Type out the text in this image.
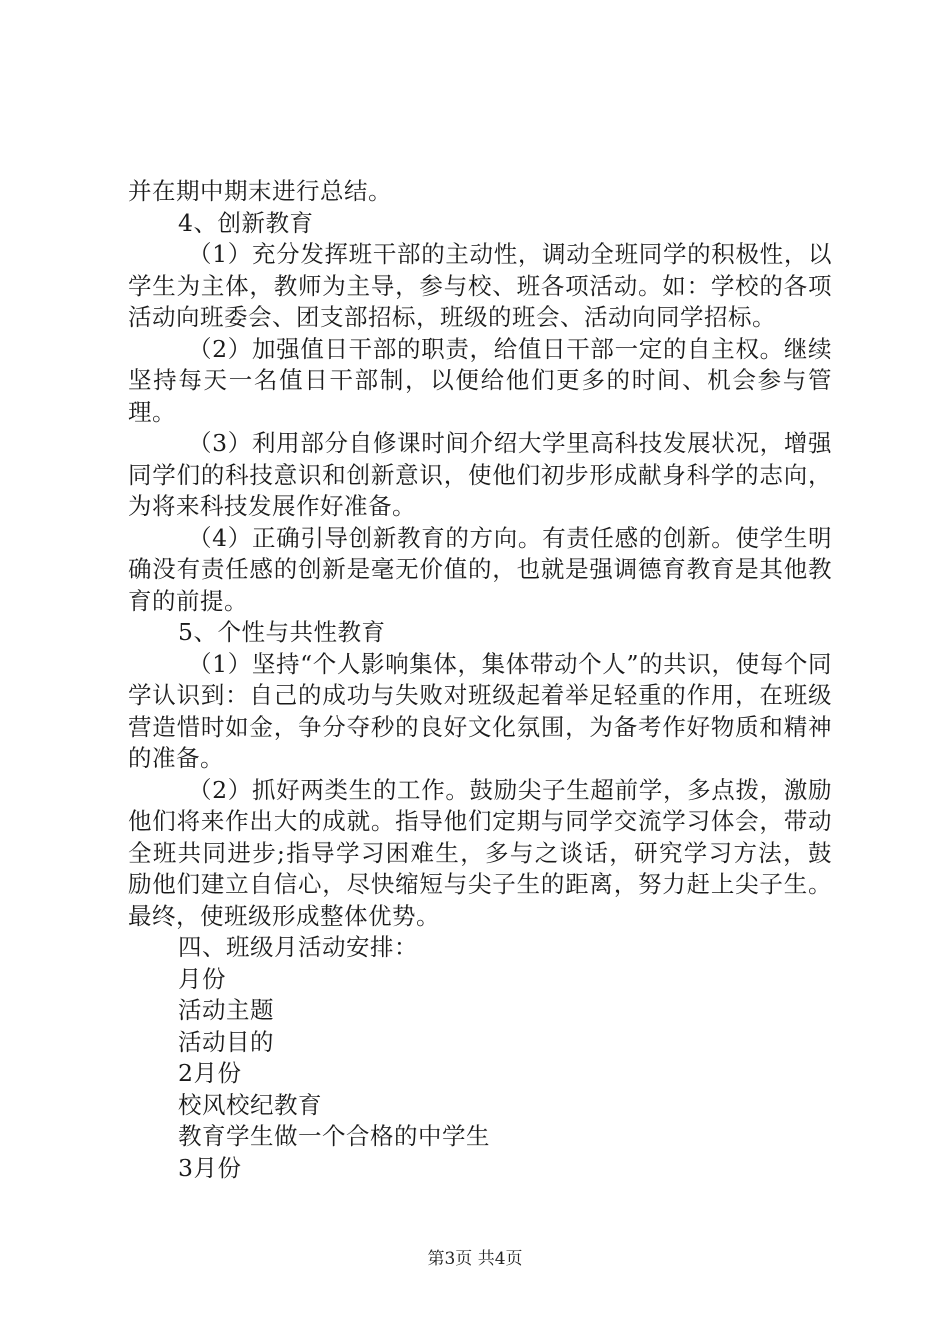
并在期中期末进行总结。

4、创新教育

（1）充分发挥班干部的主动性，调动全班同学的积极性，以学生为主体，教师为主导，参与校、班各项活动。如：学校的各项活动向班委会、团支部招标，班级的班会、活动向同学招标。

（2）加强值日干部的职责，给值日干部一定的自主权。继续坚持每天一名值日干部制，以便给他们更多的时间、机会参与管理。

（3）利用部分自修课时间介绍大学里高科技发展状况，增强同学们的科技意识和创新意识，使他们初步形成献身科学的志向，为将来科技发展作好准备。

（4）正确引导创新教育的方向。有责任感的创新。使学生明确没有责任感的创新是毫无价值的，也就是强调德育教育是其他教育的前提。

5、个性与共性教育

（1）坚持“个人影响集体，集体带动个人”的共识，使每个同学认识到：自己的成功与失败对班级起着举足轻重的作用，在班级营造惜时如金，争分夺秒的良好文化氛围，为备考作好物质和精神的准备。

（2）抓好两类生的工作。鼓励尖子生超前学，多点拨，激励他们将来作出大的成就。指导他们定期与同学交流学习体会，带动全班共同进步;指导学习困难生，多与之谈话，研究学习方法，鼓励他们建立自信心，尽快缩短与尖子生的距离，努力赶上尖子生。最终，使班级形成整体优势。

四、班级月活动安排：

月份

活动主题

活动目的

2月份

校风校纪教育

教育学生做一个合格的中学生

3月份

第3页 共4页
